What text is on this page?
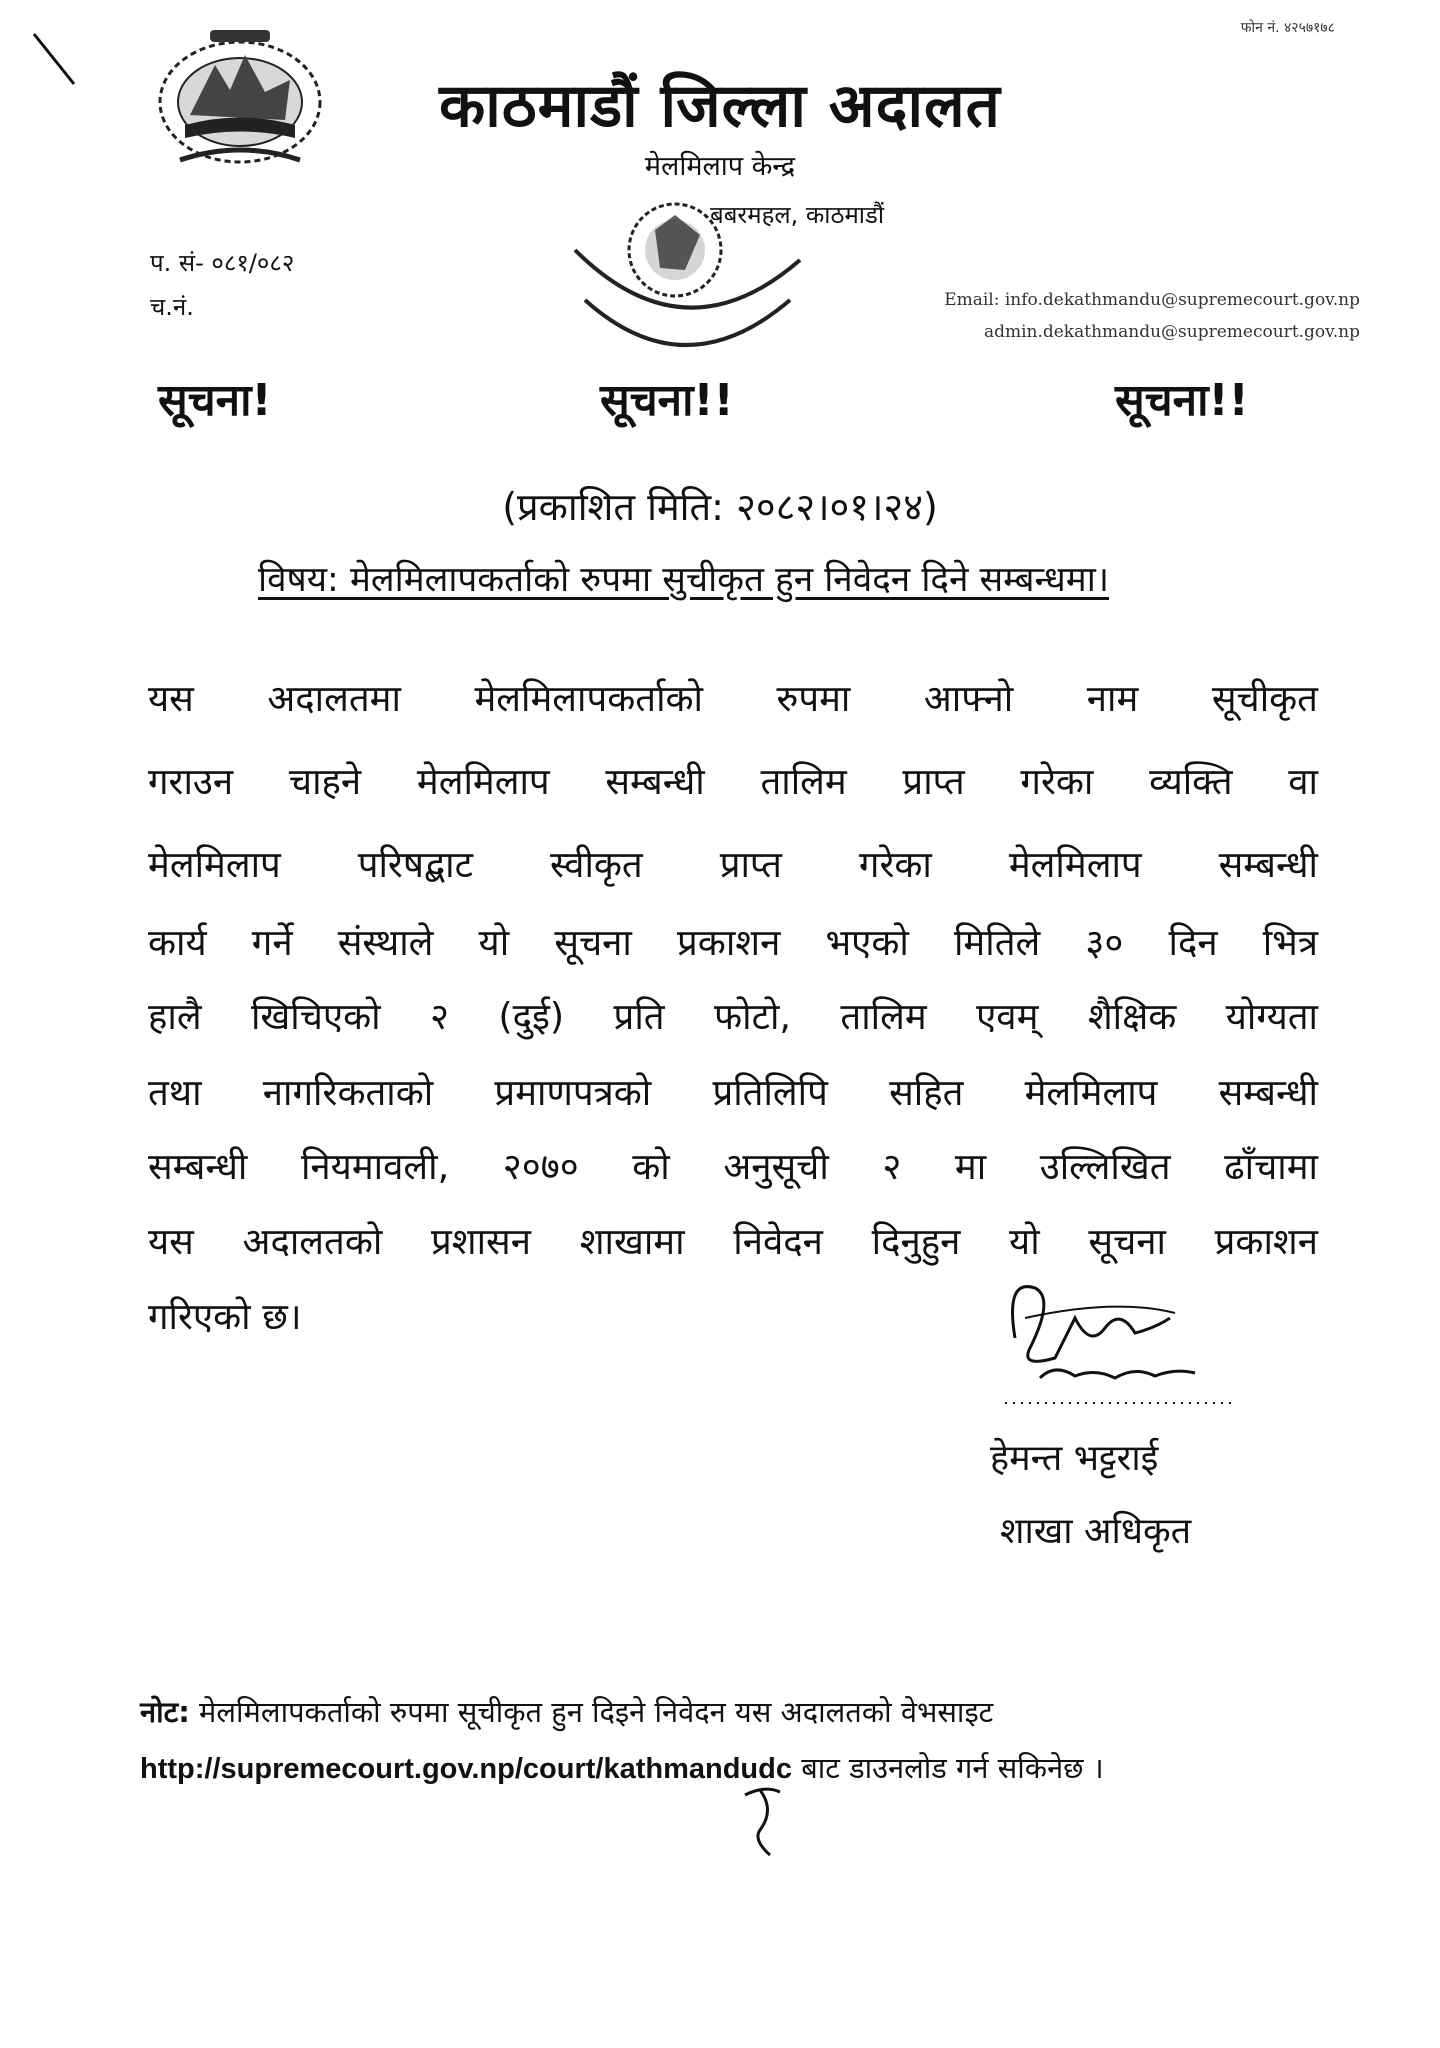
फोन नं. ४२५७१७८
काठमाडौं जिल्ला अदालत
मेलमिलाप केन्द्र
बबरमहल, काठमाडौं
प. सं- ०८१/०८२
च.नं.	Email: info.dekathmandu@supremecourt.gov.np
admin.dekathmandu@supremecourt.gov.np
सूचना!	सूचना!!	सूचना!!
(प्रकाशित मिति: २०८२।०१।२४)
विषय: मेलमिलापकर्ताको रुपमा सुचीकृत हुन निवेदन दिने सम्बन्धमा।
यस अदालतमा मेलमिलापकर्ताको रुपमा आफ्नो नाम सूचीकृत
गराउन चाहने मेलमिलाप सम्बन्धी तालिम प्राप्त गरेका व्यक्ति वा
मेलमिलाप परिषद्बाट स्वीकृत प्राप्त गरेका मेलमिलाप सम्बन्धी
कार्य गर्ने संस्थाले यो सूचना प्रकाशन भएको मितिले ३० दिन भित्र
हालै खिचिएको २ (दुई) प्रति फोटो, तालिम एवम् शैक्षिक योग्यता
तथा नागरिकताको प्रमाणपत्रको प्रतिलिपि सहित मेलमिलाप सम्बन्धी
सम्बन्धी नियमावली, २०७० को अनुसूची २ मा उल्लिखित ढाँचामा
यस अदालतको प्रशासन शाखामा निवेदन दिनुहुन यो सूचना प्रकाशन
गरिएको छ।
हेमन्त भट्टराई
शाखा अधिकृत
नोट: मेलमिलापकर्ताको रुपमा सूचीकृत हुन दिइने निवेदन यस अदालतको वेभसाइट
http://supremecourt.gov.np/court/kathmandudc बाट डाउनलोड गर्न सकिनेछ ।
